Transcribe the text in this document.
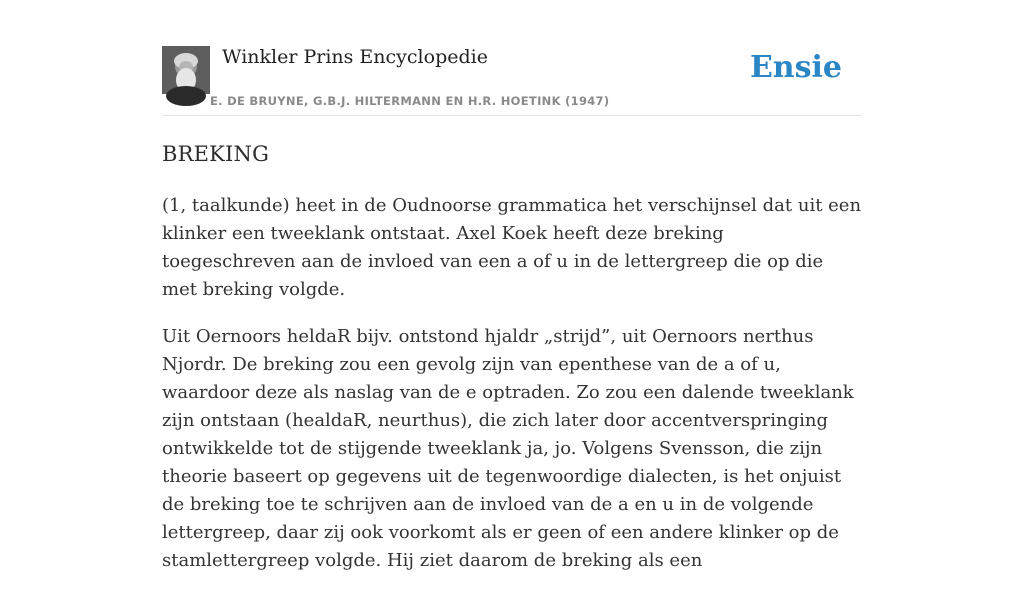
Winkler Prins Encyclopedie
E. DE BRUYNE, G.B.J. HILTERMANN EN H.R. HOETINK (1947)
Ensie
BREKING

(1, taalkunde) heet in de Oudnoorse grammatica het verschijnsel dat uit een klinker een tweeklank ontstaat. Axel Koek heeft deze breking toegeschreven aan de invloed van een a of u in de lettergreep die op die met breking volgde.

Uit Oernoors heldaR bijv. ontstond hjaldr „strijd”, uit Oernoors nerthus Njordr. De breking zou een gevolg zijn van epenthese van de a of u, waardoor deze als naslag van de e optraden. Zo zou een dalende tweeklank zijn ontstaan (healdaR, neurthus), die zich later door accentverspringing ontwikkelde tot de stijgende tweeklank ja, jo. Volgens Svensson, die zijn theorie baseert op gegevens uit de tegenwoordige dialecten, is het onjuist de breking toe te schrijven aan de invloed van de a en u in de volgende lettergreep, daar zij ook voorkomt als er geen of een andere klinker op de stamlettergreep volgde. Hij ziet daarom de breking als een
